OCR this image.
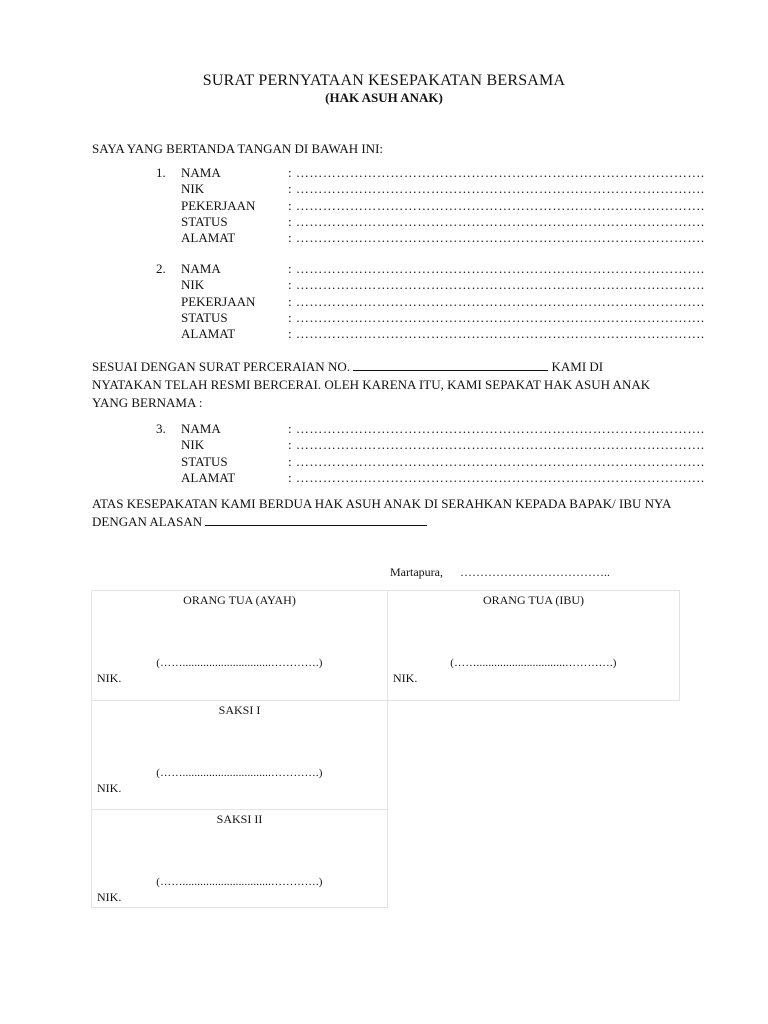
SURAT PERNYATAAN KESEPAKATAN BERSAMA
(HAK ASUH ANAK)
SAYA YANG BERTANDA TANGAN DI BAWAH INI:
1.	NAMA	: ……………………………………………………………………………….
NIK	: ……………………………………………………………………………….
PEKERJAAN	: ……………………………………………………………………………….
STATUS	: ……………………………………………………………………………….
ALAMAT	: ……………………………………………………………………………….
2.	NAMA	: ……………………………………………………………………………….
NIK	: ……………………………………………………………………………….
PEKERJAAN	: ……………………………………………………………………………….
STATUS	: ……………………………………………………………………………….
ALAMAT	: ……………………………………………………………………………….
SESUAI DENGAN SURAT PERCERAIAN NO.	KAMI DI NYATAKAN TELAH RESMI BERCERAI. OLEH KARENA ITU, KAMI SEPAKAT HAK ASUH ANAK YANG BERNAMA :
3.	NAMA	: ……………………………………………………………………………….
NIK	: ……………………………………………………………………………….
STATUS	: ……………………………………………………………………………….
ALAMAT	: ……………………………………………………………………………….
ATAS KESEPAKATAN KAMI BERDUA HAK ASUH ANAK DI SERAHKAN KEPADA BAPAK/ IBU NYA DENGAN ALASAN
Martapura, ………………………………..
ORANG TUA (AYAH)
(……..............................………….)
NIK.
ORANG TUA (IBU)
(……..............................………….)
NIK.
SAKSI I
(……..............................………….)
NIK.
SAKSI II
(……..............................………….)
NIK.
